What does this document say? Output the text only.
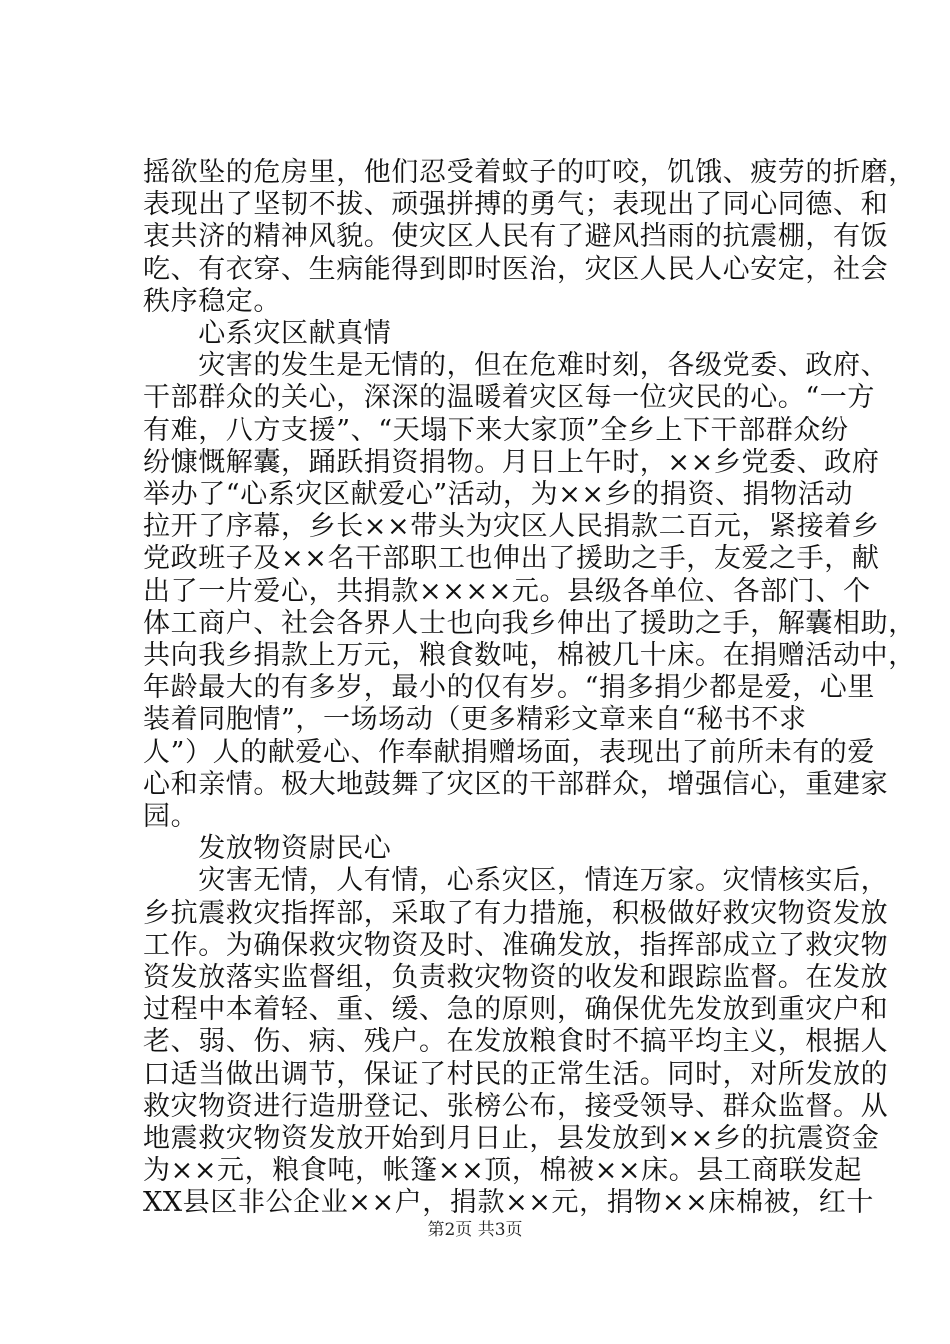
摇欲坠的危房里，他们忍受着蚊子的叮咬，饥饿、疲劳的折磨，
表现出了坚韧不拔、顽强拼搏的勇气；表现出了同心同德、和
衷共济的精神风貌。使灾区人民有了避风挡雨的抗震棚，有饭
吃、有衣穿、生病能得到即时医治，灾区人民人心安定，社会
秩序稳定。
　　心系灾区献真情
　　灾害的发生是无情的，但在危难时刻，各级党委、政府、
干部群众的关心，深深的温暖着灾区每一位灾民的心。“一方
有难，八方支援”、“天塌下来大家顶”全乡上下干部群众纷
纷慷慨解囊，踊跃捐资捐物。月日上午时，××乡党委、政府
举办了“心系灾区献爱心”活动，为××乡的捐资、捐物活动
拉开了序幕，乡长××带头为灾区人民捐款二百元，紧接着乡
党政班子及××名干部职工也伸出了援助之手，友爱之手，献
出了一片爱心，共捐款××××元。县级各单位、各部门、个
体工商户、社会各界人士也向我乡伸出了援助之手，解囊相助，
共向我乡捐款上万元，粮食数吨，棉被几十床。在捐赠活动中，
年龄最大的有多岁，最小的仅有岁。“捐多捐少都是爱，心里
装着同胞情”，一场场动（更多精彩文章来自“秘书不求
人”）人的献爱心、作奉献捐赠场面，表现出了前所未有的爱
心和亲情。极大地鼓舞了灾区的干部群众，增强信心，重建家
园。
　　发放物资尉民心
　　灾害无情，人有情，心系灾区，情连万家。灾情核实后，
乡抗震救灾指挥部，采取了有力措施，积极做好救灾物资发放
工作。为确保救灾物资及时、准确发放，指挥部成立了救灾物
资发放落实监督组，负责救灾物资的收发和跟踪监督。在发放
过程中本着轻、重、缓、急的原则，确保优先发放到重灾户和
老、弱、伤、病、残户。在发放粮食时不搞平均主义，根据人
口适当做出调节，保证了村民的正常生活。同时，对所发放的
救灾物资进行造册登记、张榜公布，接受领导、群众监督。从
地震救灾物资发放开始到月日止，县发放到××乡的抗震资金
为××元，粮食吨，帐篷××顶，棉被××床。县工商联发起
XX县区非公企业××户，捐款××元，捐物××床棉被，红十
第2页 共3页
